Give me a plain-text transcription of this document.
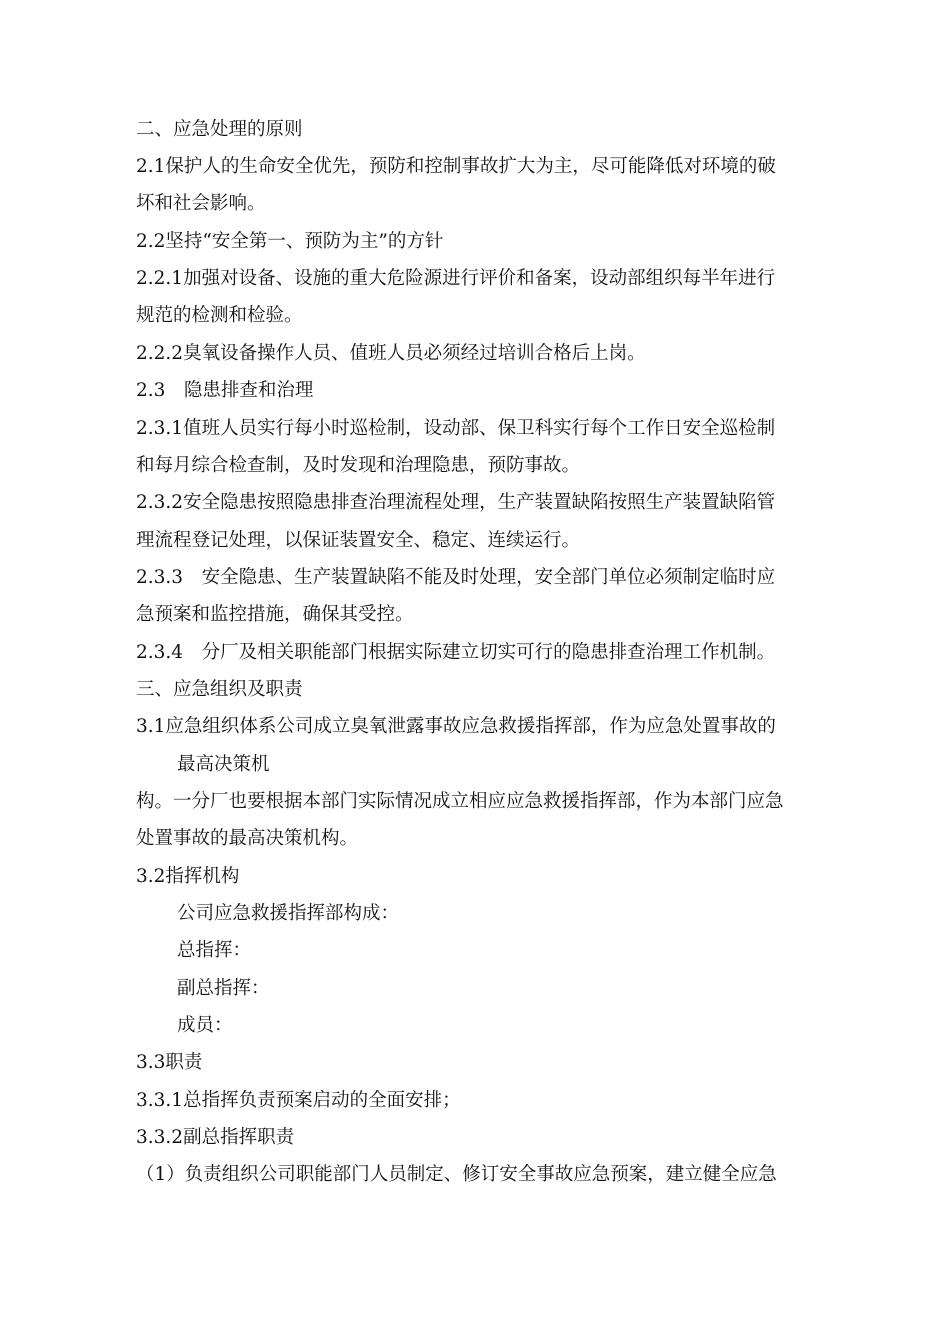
二、应急处理的原则
2.1保护人的生命安全优先，预防和控制事故扩大为主，尽可能降低对环境的破
坏和社会影响。
2.2坚持“安全第一、预防为主”的方针
2.2.1加强对设备、设施的重大危险源进行评价和备案，设动部组织每半年进行
规范的检测和检验。
2.2.2臭氧设备操作人员、值班人员必须经过培训合格后上岗。
2.3　隐患排查和治理
2.3.1值班人员实行每小时巡检制，设动部、保卫科实行每个工作日安全巡检制
和每月综合检查制，及时发现和治理隐患，预防事故。
2.3.2安全隐患按照隐患排查治理流程处理，生产装置缺陷按照生产装置缺陷管
理流程登记处理，以保证装置安全、稳定、连续运行。
2.3.3　安全隐患、生产装置缺陷不能及时处理，安全部门单位必须制定临时应
急预案和监控措施，确保其受控。
2.3.4　分厂及相关职能部门根据实际建立切实可行的隐患排查治理工作机制。
三、应急组织及职责
3.1应急组织体系公司成立臭氧泄露事故应急救援指挥部，作为应急处置事故的
最高决策机
构。一分厂也要根据本部门实际情况成立相应应急救援指挥部，作为本部门应急
处置事故的最高决策机构。
3.2指挥机构
公司应急救援指挥部构成：
总指挥：
副总指挥：
成员：
3.3职责
3.3.1总指挥负责预案启动的全面安排；
3.3.2副总指挥职责
（1）负责组织公司职能部门人员制定、修订安全事故应急预案，建立健全应急
